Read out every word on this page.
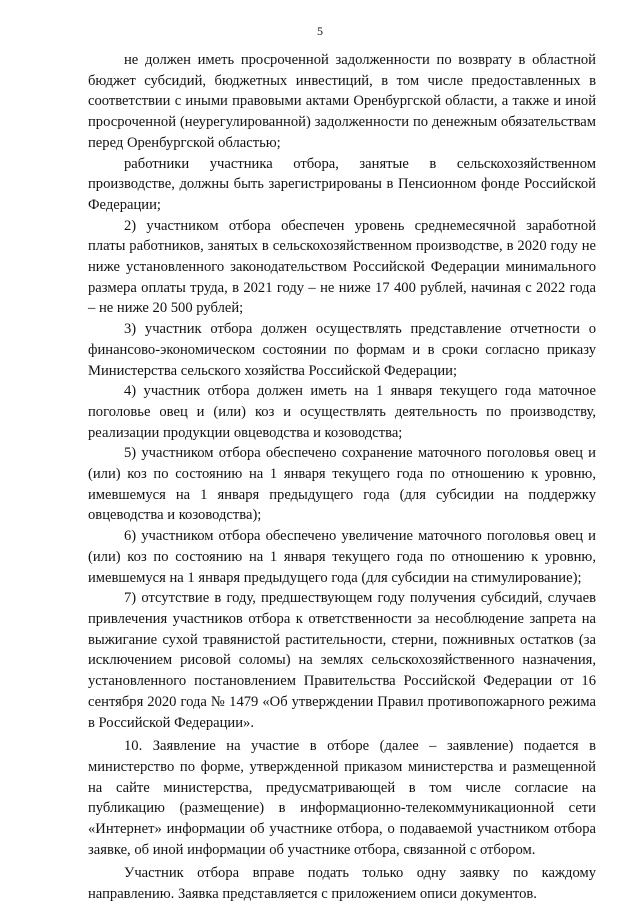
5

не должен иметь просроченной задолженности по возврату в областной бюджет субсидий, бюджетных инвестиций, в том числе предоставленных в соответствии с иными правовыми актами Оренбургской области, а также и иной просроченной (неурегулированной) задолженности по денежным обязательствам перед Оренбургской областью;

работники участника отбора, занятые в сельскохозяйственном производстве, должны быть зарегистрированы в Пенсионном фонде Российской Федерации;

2) участником отбора обеспечен уровень среднемесячной заработной платы работников, занятых в сельскохозяйственном производстве, в 2020 году не ниже установленного законодательством Российской Федерации минимального размера оплаты труда, в 2021 году – не ниже 17 400 рублей, начиная с 2022 года – не ниже 20 500 рублей;

3) участник отбора должен осуществлять представление отчетности о финансово-экономическом состоянии по формам и в сроки согласно приказу Министерства сельского хозяйства Российской Федерации;

4) участник отбора должен иметь на 1 января текущего года маточное поголовье овец и (или) коз и осуществлять деятельность по производству, реализации продукции овцеводства и козоводства;

5) участником отбора обеспечено сохранение маточного поголовья овец и (или) коз по состоянию на 1 января текущего года по отношению к уровню, имевшемуся на 1 января предыдущего года (для субсидии на поддержку овцеводства и козоводства);

6) участником отбора обеспечено увеличение маточного поголовья овец и (или) коз по состоянию на 1 января текущего года по отношению к уровню, имевшемуся на 1 января предыдущего года (для субсидии на стимулирование);

7) отсутствие в году, предшествующем году получения субсидий, случаев привлечения участников отбора к ответственности за несоблюдение запрета на выжигание сухой травянистой растительности, стерни, пожнивных остатков (за исключением рисовой соломы) на землях сельскохозяйственного назначения, установленного постановлением Правительства Российской Федерации от 16 сентября 2020 года № 1479 «Об утверждении Правил противопожарного режима в Российской Федерации».

10. Заявление на участие в отборе (далее – заявление) подается в министерство по форме, утвержденной приказом министерства и размещенной на сайте министерства, предусматривающей в том числе согласие на публикацию (размещение) в информационно-телекоммуникационной сети «Интернет» информации об участнике отбора, о подаваемой участником отбора заявке, об иной информации об участнике отбора, связанной с отбором.

Участник отбора вправе подать только одну заявку по каждому направлению. Заявка представляется с приложением описи документов.
